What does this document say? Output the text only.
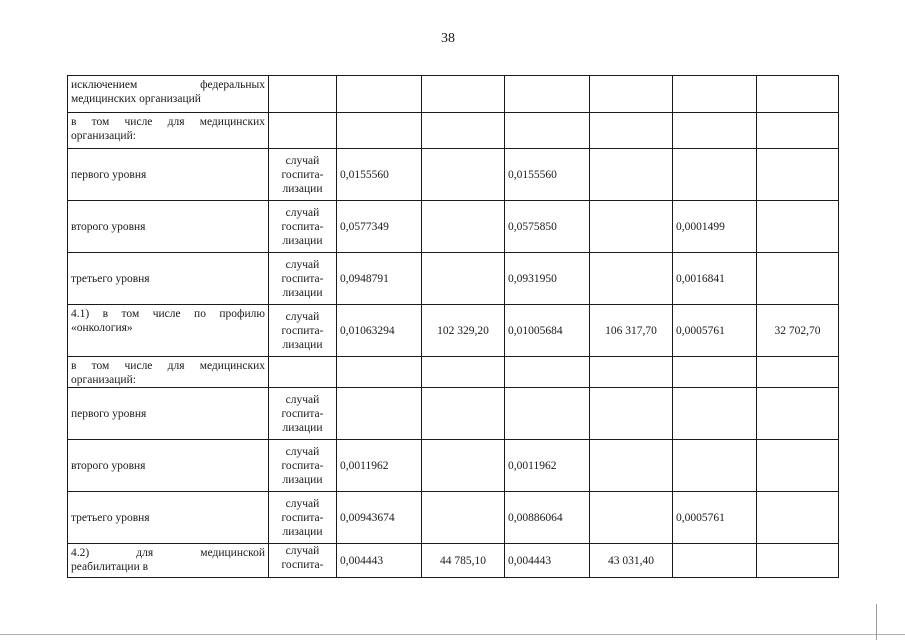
38
исключением федеральных
медицинских организаций							

в том числе для медицинских
организаций:							

первого уровня	случай
госпита-
лизации	0,0155560		0,0155560			

второго уровня	случай
госпита-
лизации	0,0577349		0,0575850		0,0001499	

третьего уровня	случай
госпита-
лизации	0,0948791		0,0931950		0,0016841	

4.1) в том числе по профилю
«онкология»	случай
госпита-
лизации	0,01063294	102 329,20	0,01005684	106 317,70	0,0005761	32 702,70

в том числе для медицинских
организаций:							

первого уровня	случай
госпита-
лизации						

второго уровня	случай
госпита-
лизации	0,0011962		0,0011962			

третьего уровня	случай
госпита-
лизации	0,00943674		0,00886064		0,0005761	

4.2) для медицинской
реабилитации в	случай
госпита-	0,004443	44 785,10	0,004443	43 031,40		
